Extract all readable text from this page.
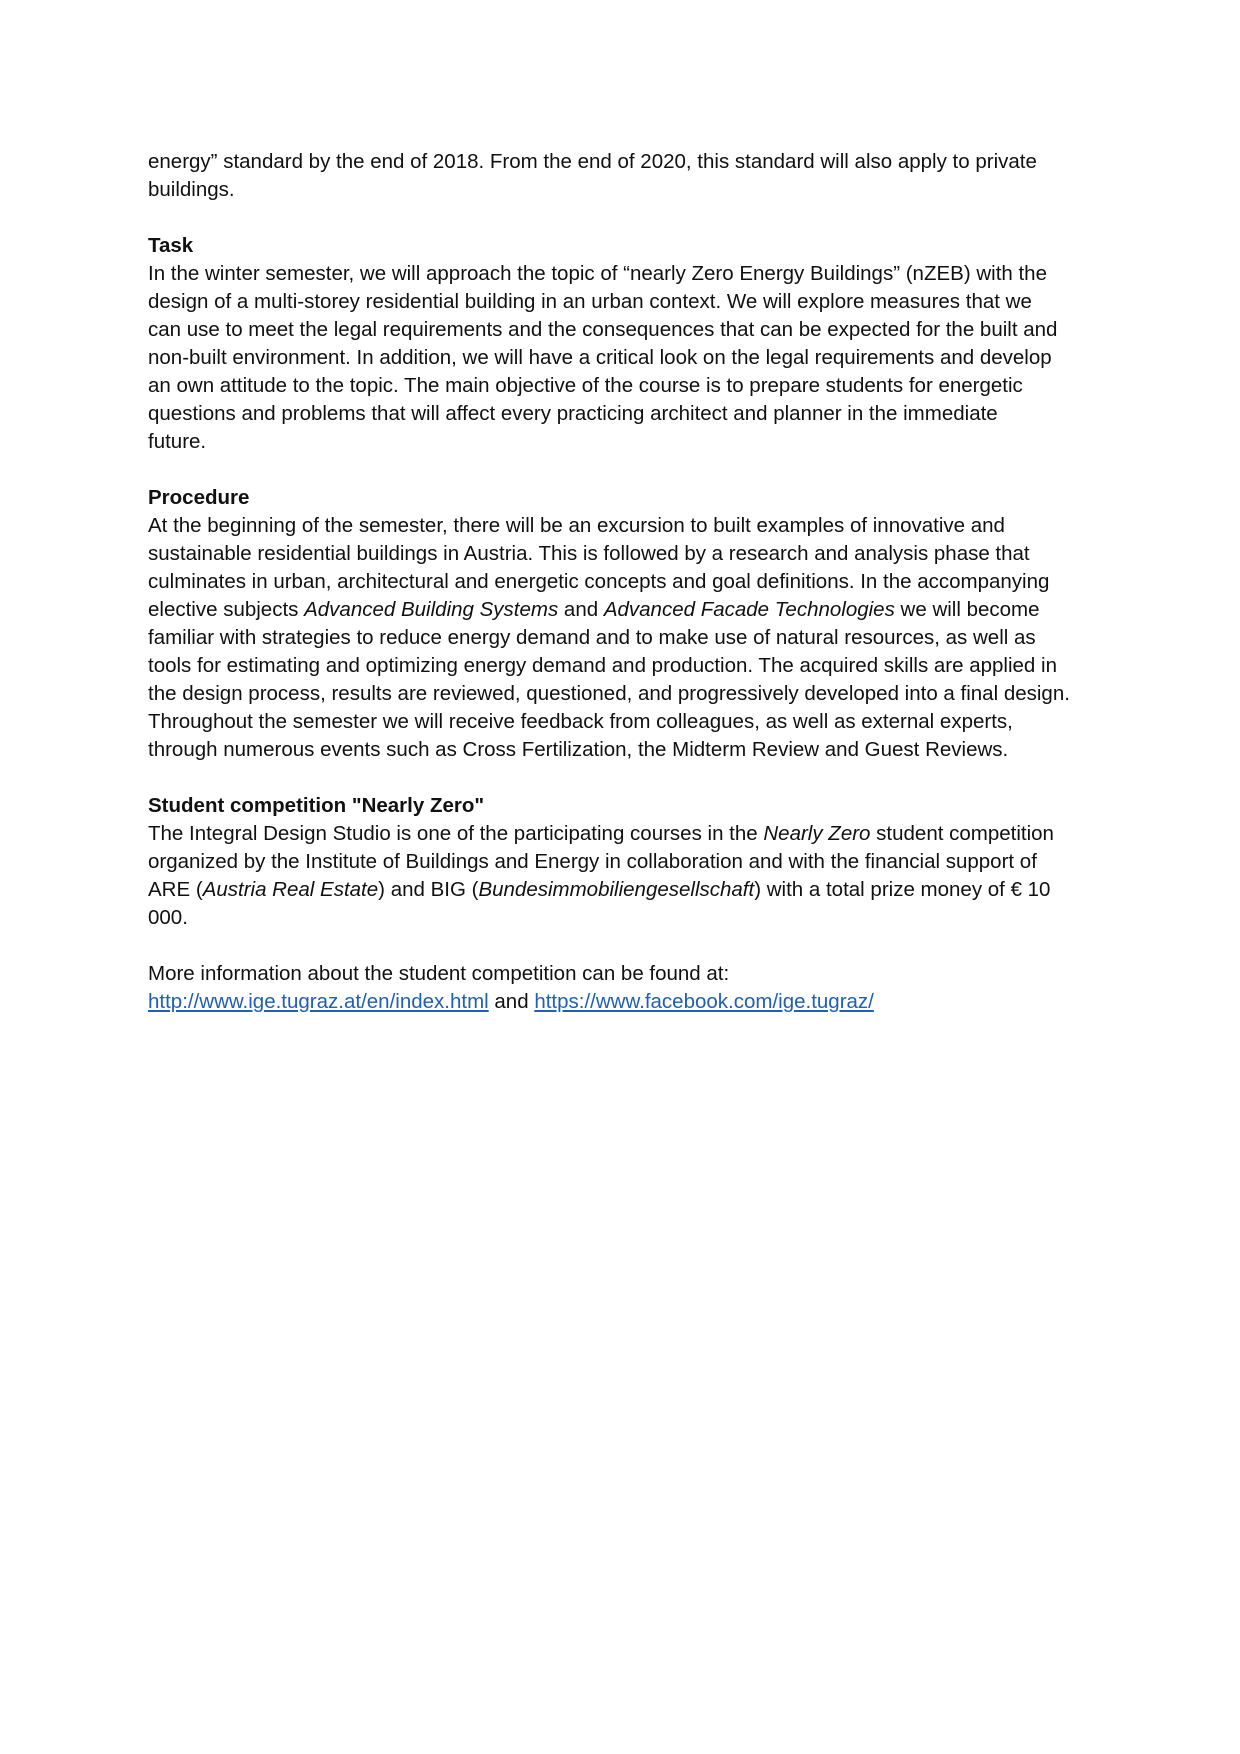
energy” standard by the end of 2018. From the end of 2020, this standard will also apply to private
buildings.
Task
In the winter semester, we will approach the topic of “nearly Zero Energy Buildings” (nZEB) with the
design of a multi-storey residential building in an urban context. We will explore measures that we
can use to meet the legal requirements and the consequences that can be expected for the built and
non-built environment. In addition, we will have a critical look on the legal requirements and develop
an own attitude to the topic. The main objective of the course is to prepare students for energetic
questions and problems that will affect every practicing architect and planner in the immediate
future.
Procedure
At the beginning of the semester, there will be an excursion to built examples of innovative and
sustainable residential buildings in Austria. This is followed by a research and analysis phase that
culminates in urban, architectural and energetic concepts and goal definitions. In the accompanying
elective subjects Advanced Building Systems and Advanced Facade Technologies we will become
familiar with strategies to reduce energy demand and to make use of natural resources, as well as
tools for estimating and optimizing energy demand and production. The acquired skills are applied in
the design process, results are reviewed, questioned, and progressively developed into a final design.
Throughout the semester we will receive feedback from colleagues, as well as external experts,
through numerous events such as Cross Fertilization, the Midterm Review and Guest Reviews.
Student competition "Nearly Zero"
The Integral Design Studio is one of the participating courses in the Nearly Zero student competition
organized by the Institute of Buildings and Energy in collaboration and with the financial support of
ARE (Austria Real Estate) and BIG (Bundesimmobiliengesellschaft) with a total prize money of € 10
000.
More information about the student competition can be found at:
http://www.ige.tugraz.at/en/index.html and https://www.facebook.com/ige.tugraz/
